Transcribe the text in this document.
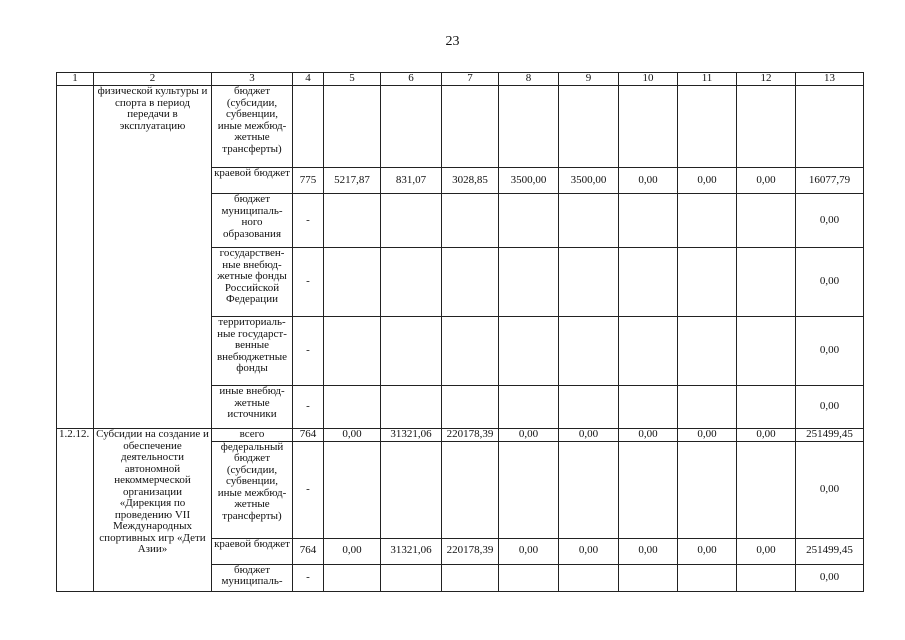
23
1	2	3	4	5	6	7	8	9	10	11	12	13
	физической культуры и спорта в период передачи в эксплуатацию	бюджет (субсидии, субвенции, иные межбюд-жетные трансферты)										
		краевой бюджет	775	5217,87	831,07	3028,85	3500,00	3500,00	0,00	0,00	0,00	16077,79
		бюджет муниципаль-ного образования	-									0,00
		государствен-ные внебюд-жетные фонды Российской Федерации	-									0,00
		территориаль-ные государст-венные внебюджетные фонды	-									0,00
		иные внебюд-жетные источники	-									0,00
1.2.12.	Субсидии на создание и обеспечение деятельности автономной некоммерческой организации «Дирекция по проведению VII Международных спортивных игр «Дети Азии»	всего	764	0,00	31321,06	220178,39	0,00	0,00	0,00	0,00	0,00	251499,45
		федеральный бюджет (субсидии, субвенции, иные межбюд-жетные трансферты)	-									0,00
		краевой бюджет	764	0,00	31321,06	220178,39	0,00	0,00	0,00	0,00	0,00	251499,45
		бюджет муниципаль-	-									0,00
